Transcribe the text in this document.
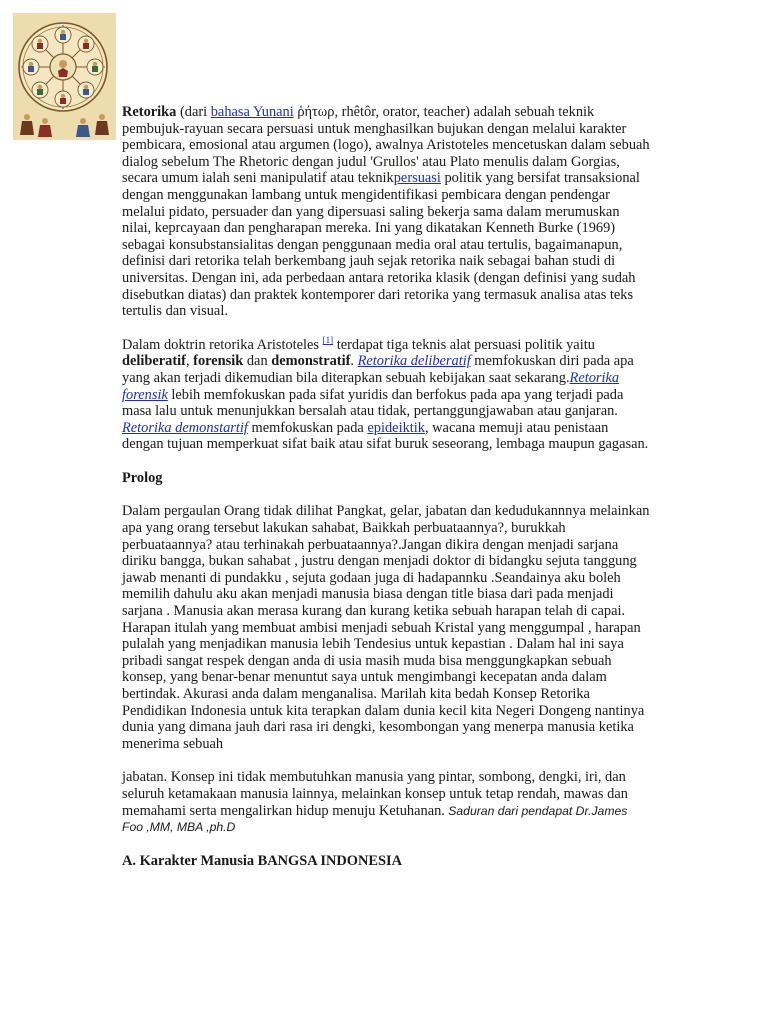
Retorika (dari bahasa Yunani ῥήτωρ, rhêtôr, orator, teacher) adalah sebuah teknik pembujuk-rayuan secara persuasi untuk menghasilkan bujukan dengan melalui karakter pembicara, emosional atau argumen (logo), awalnya Aristoteles mencetuskan dalam sebuah dialog sebelum The Rhetoric dengan judul 'Grullos' atau Plato menulis dalam Gorgias, secara umum ialah seni manipulatif atau teknikpersuasi politik yang bersifat transaksional dengan menggunakan lambang untuk mengidentifikasi pembicara dengan pendengar melalui pidato, persuader dan yang dipersuasi saling bekerja sama dalam merumuskan nilai, keprcayaan dan pengharapan mereka. Ini yang dikatakan Kenneth Burke (1969) sebagai konsubstansialitas dengan penggunaan media oral atau tertulis, bagaimanapun, definisi dari retorika telah berkembang jauh sejak retorika naik sebagai bahan studi di universitas. Dengan ini, ada perbedaan antara retorika klasik (dengan definisi yang sudah disebutkan diatas) dan praktek kontemporer dari retorika yang termasuk analisa atas teks tertulis dan visual.

Dalam doktrin retorika Aristoteles [1] terdapat tiga teknis alat persuasi politik yaitu deliberatif, forensik dan demonstratif. Retorika deliberatif memfokuskan diri pada apa yang akan terjadi dikemudian bila diterapkan sebuah kebijakan saat sekarang.Retorika forensik lebih memfokuskan pada sifat yuridis dan berfokus pada apa yang terjadi pada masa lalu untuk menunjukkan bersalah atau tidak, pertanggungjawaban atau ganjaran. Retorika demonstartif memfokuskan pada epideiktik, wacana memuji atau penistaan dengan tujuan memperkuat sifat baik atau sifat buruk seseorang, lembaga maupun gagasan.

Prolog

Dalam pergaulan Orang tidak dilihat Pangkat, gelar, jabatan dan kedudukannnya melainkan apa yang orang tersebut lakukan sahabat, Baikkah perbuataannya?, burukkah perbuataannya? atau terhinakah perbuataannya?.Jangan dikira dengan menjadi sarjana diriku bangga, bukan sahabat , justru dengan menjadi doktor di bidangku sejuta tanggung jawab menanti di pundakku , sejuta godaan juga di hadapannku .Seandainya aku boleh memilih dahulu aku akan menjadi manusia biasa dengan title biasa dari pada menjadi sarjana . Manusia akan merasa kurang dan kurang ketika sebuah harapan telah di capai. Harapan itulah yang membuat ambisi menjadi sebuah Kristal yang menggumpal , harapan pulalah yang menjadikan manusia lebih Tendesius untuk kepastian . Dalam hal ini saya pribadi sangat respek dengan anda di usia masih muda bisa menggungkapkan sebuah konsep, yang benar-benar menuntut saya untuk mengimbangi kecepatan anda dalam bertindak. Akurasi anda dalam menganalisa. Marilah kita bedah Konsep Retorika Pendidikan Indonesia untuk kita terapkan dalam dunia kecil kita Negeri Dongeng nantinya dunia yang dimana jauh dari rasa iri dengki, kesombongan yang menerpa manusia ketika menerima sebuah

jabatan. Konsep ini tidak membutuhkan manusia yang pintar, sombong, dengki, iri, dan seluruh ketamakaan manusia lainnya, melainkan konsep untuk tetap rendah, mawas dan memahami serta mengalirkan hidup menuju Ketuhanan. Saduran dari pendapat Dr.James Foo ,MM, MBA ,ph.D

A. Karakter Manusia BANGSA INDONESIA
